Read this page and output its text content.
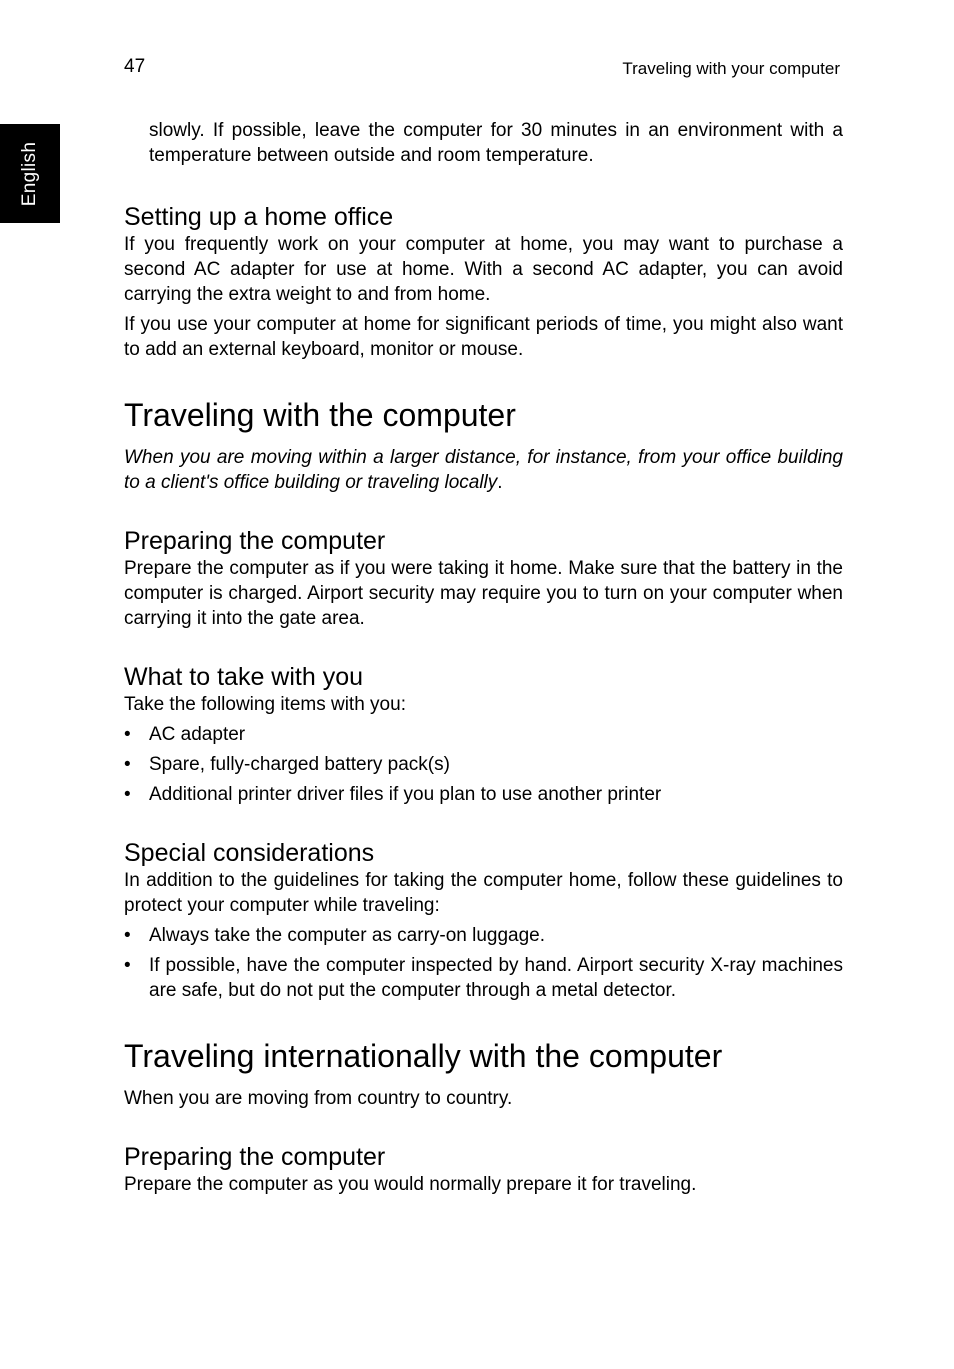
47	Traveling with your computer
English

slowly. If possible, leave the computer for 30 minutes in an environment with a temperature between outside and room temperature.

Setting up a home office

If you frequently work on your computer at home, you may want to purchase a second AC adapter for use at home. With a second AC adapter, you can avoid carrying the extra weight to and from home.

If you use your computer at home for significant periods of time, you might also want to add an external keyboard, monitor or mouse.

Traveling with the computer

When you are moving within a larger distance, for instance, from your office building to a client's office building or traveling locally.

Preparing the computer

Prepare the computer as if you were taking it home. Make sure that the battery in the computer is charged. Airport security may require you to turn on your computer when carrying it into the gate area.

What to take with you

Take the following items with you:

• AC adapter
• Spare, fully-charged battery pack(s)
• Additional printer driver files if you plan to use another printer
Special considerations

In addition to the guidelines for taking the computer home, follow these guidelines to protect your computer while traveling:

• Always take the computer as carry-on luggage.
• If possible, have the computer inspected by hand. Airport security X-ray machines are safe, but do not put the computer through a metal detector.
Traveling internationally with the computer

When you are moving from country to country.

Preparing the computer

Prepare the computer as you would normally prepare it for traveling.
